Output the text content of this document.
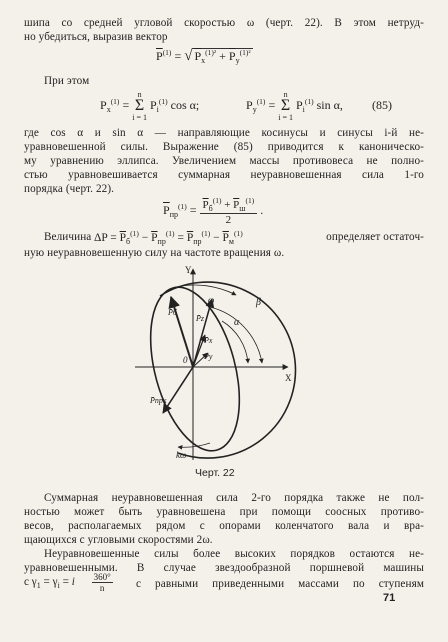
шипа со средней угловой скоростью ω (черт. 22). В этом нетруд-
но убедиться, выразив вектор
$\overline{P}^{(1)}$ = √ $P_x^{(1)^2} + \overline{P}_y^{(1)^2}$
При этом
$P_x^{(1)}$ =
n
Σ
i = 1
$P_i^{(1)}$ cos α;	$P_y^{(1)}$ =
n
Σ
i = 1
$P_i^{(1)}$ sin α, (85)
где cos α и sin α — направляющие косинусы и синусы i-й не-
уравновешенной силы. Выражение (85) приводится к каноническо-
му уравнению эллипса. Увеличением массы противовеса не полно-
стью уравновешивается суммарная неуравновешенная сила 1-го
порядка (черт. 22).
$\overline{P}_{пр}^{(1)} = \overline{P}_б^{(1)} + \overline{P}_ш^{(1)}$
2
.
Величина $\Delta P = \overline{P}_б^{(1)} - \overline{P}_{пр}^{(1)} = \overline{P}_{пр}^{(1)} - \overline{P}_м^{(1)}$	определяет остаточ-
ную неуравновешенную силу на частоте вращения ω.
Y
X
0
ω	β
α
P̄б
P̄z
P̄x
P̄y
P̄прк
kω
Черт. 22
Суммарная неуравновешенная сила 2-го порядка также не пол-
ностью может быть уравновешена при помощи соосных противо-
весов, располагаемых рядом с опорами коленчатого вала и вра-
щающихся с угловыми скоростями 2ω.
Неуравновешенные силы более высоких порядков остаются не-
уравновешенными. В случае звездообразной поршневой машины
с $\gamma_1 = \gamma_i = i \frac{360^\circ}{n}$ с равными приведенными массами по ступеням
71
